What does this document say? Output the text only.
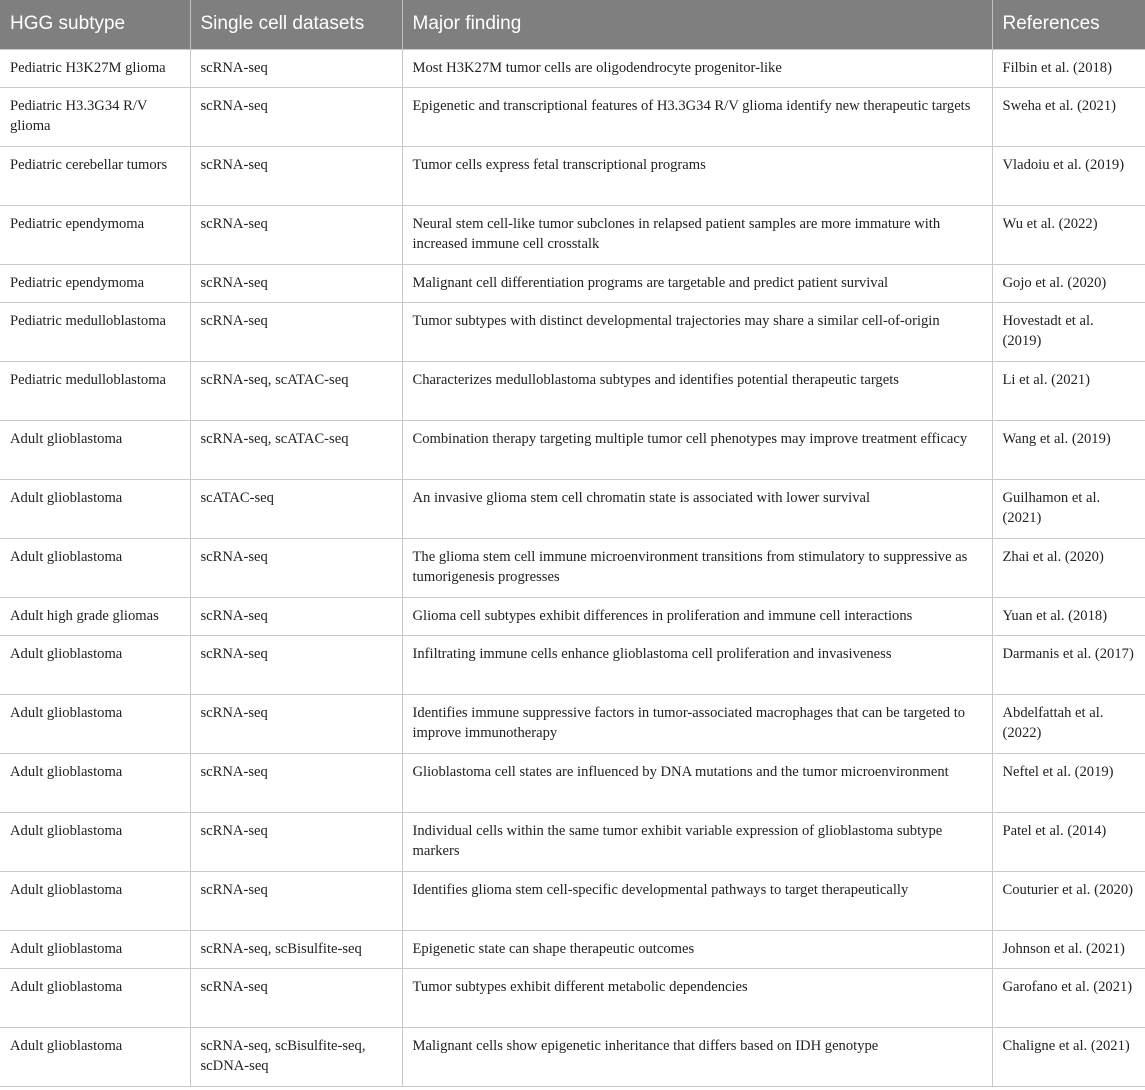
HGG subtype	Single cell datasets	Major finding	References
Pediatric H3K27M glioma	scRNA-seq	Most H3K27M tumor cells are oligodendrocyte progenitor-like	Filbin et al. (2018)
Pediatric H3.3G34 R/V glioma	scRNA-seq	Epigenetic and transcriptional features of H3.3G34 R/V glioma identify new therapeutic targets	Sweha et al. (2021)
Pediatric cerebellar tumors	scRNA-seq	Tumor cells express fetal transcriptional programs	Vladoiu et al. (2019)
Pediatric ependymoma	scRNA-seq	Neural stem cell-like tumor subclones in relapsed patient samples are more immature with increased immune cell crosstalk	Wu et al. (2022)
Pediatric ependymoma	scRNA-seq	Malignant cell differentiation programs are targetable and predict patient survival	Gojo et al. (2020)
Pediatric medulloblastoma	scRNA-seq	Tumor subtypes with distinct developmental trajectories may share a similar cell-of-origin	Hovestadt et al. (2019)
Pediatric medulloblastoma	scRNA-seq, scATAC-seq	Characterizes medulloblastoma subtypes and identifies potential therapeutic targets	Li et al. (2021)
Adult glioblastoma	scRNA-seq, scATAC-seq	Combination therapy targeting multiple tumor cell phenotypes may improve treatment efficacy	Wang et al. (2019)
Adult glioblastoma	scATAC-seq	An invasive glioma stem cell chromatin state is associated with lower survival	Guilhamon et al. (2021)
Adult glioblastoma	scRNA-seq	The glioma stem cell immune microenvironment transitions from stimulatory to suppressive as tumorigenesis progresses	Zhai et al. (2020)
Adult high grade gliomas	scRNA-seq	Glioma cell subtypes exhibit differences in proliferation and immune cell interactions	Yuan et al. (2018)
Adult glioblastoma	scRNA-seq	Infiltrating immune cells enhance glioblastoma cell proliferation and invasiveness	Darmanis et al. (2017)
Adult glioblastoma	scRNA-seq	Identifies immune suppressive factors in tumor-associated macrophages that can be targeted to improve immunotherapy	Abdelfattah et al. (2022)
Adult glioblastoma	scRNA-seq	Glioblastoma cell states are influenced by DNA mutations and the tumor microenvironment	Neftel et al. (2019)
Adult glioblastoma	scRNA-seq	Individual cells within the same tumor exhibit variable expression of glioblastoma subtype markers	Patel et al. (2014)
Adult glioblastoma	scRNA-seq	Identifies glioma stem cell-specific developmental pathways to target therapeutically	Couturier et al. (2020)
Adult glioblastoma	scRNA-seq, scBisulfite-seq	Epigenetic state can shape therapeutic outcomes	Johnson et al. (2021)
Adult glioblastoma	scRNA-seq	Tumor subtypes exhibit different metabolic dependencies	Garofano et al. (2021)
Adult glioblastoma	scRNA-seq, scBisulfite-seq, scDNA-seq	Malignant cells show epigenetic inheritance that differs based on IDH genotype	Chaligne et al. (2021)
